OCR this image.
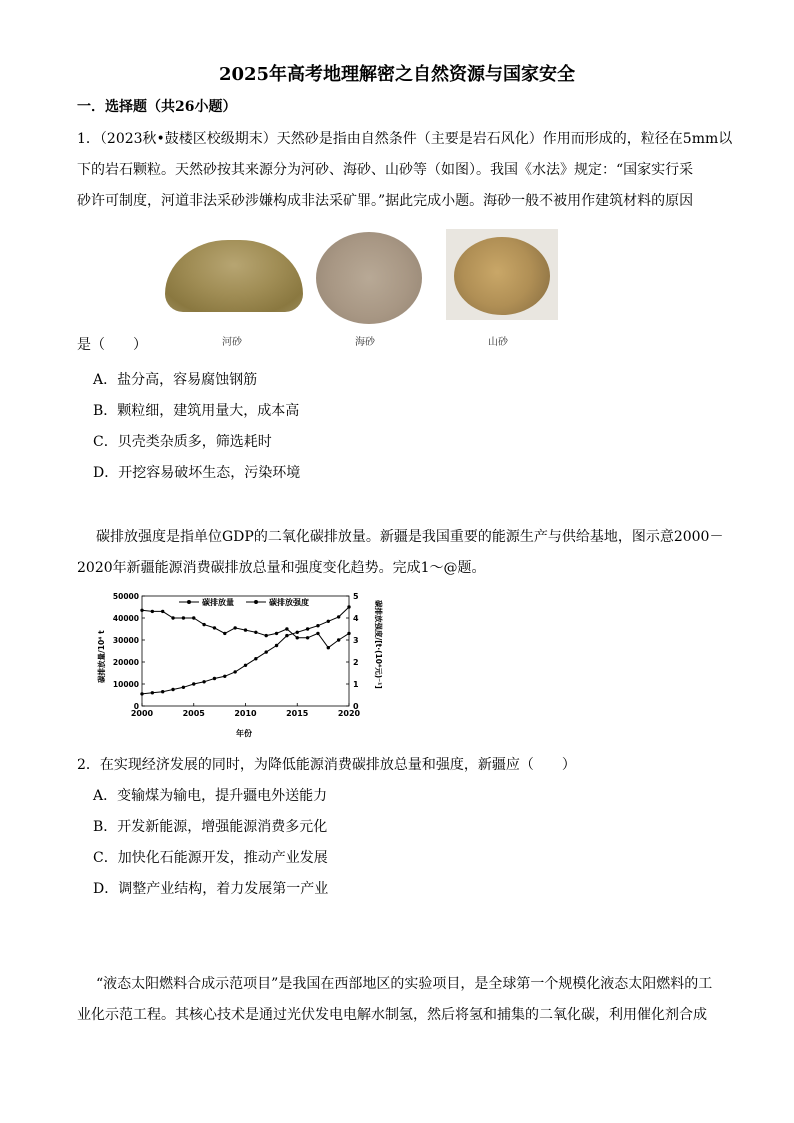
2025年高考地理解密之自然资源与国家安全
一．选择题（共26小题）
1．（2023秋•鼓楼区校级期末）天然砂是指由自然条件（主要是岩石风化）作用而形成的，粒径在5mm以
下的岩石颗粒。天然砂按其来源分为河砂、海砂、山砂等（如图）。我国《水法》规定：“国家实行采
砂许可制度，河道非法采砂涉嫌构成非法采矿罪。”据此完成小题。海砂一般不被用作建筑材料的原因
是（　　）	河砂	海砂	山砂
A．盐分高，容易腐蚀钢筋
B．颗粒细，建筑用量大，成本高
C．贝壳类杂质多，筛选耗时
D．开挖容易破坏生态，污染环境
碳排放强度是指单位GDP的二氧化碳排放量。新疆是我国重要的能源生产与供给基地，图示意2000－
2020年新疆能源消费碳排放总量和强度变化趋势。完成1～@题。
碳排放量	碳排放强度
碳排放量/10⁴ t	碳排放强度/[t·(10⁴元)⁻¹]
年份
2000	2005	2010	2015	2020
0
10000
20000
30000
40000
50000
0
1
2
3
4
5
2．在实现经济发展的同时，为降低能源消费碳排放总量和强度，新疆应（　　）
A．变输煤为输电，提升疆电外送能力
B．开发新能源，增强能源消费多元化
C．加快化石能源开发，推动产业发展
D．调整产业结构，着力发展第一产业
“液态太阳燃料合成示范项目”是我国在西部地区的实验项目，是全球第一个规模化液态太阳燃料的工
业化示范工程。其核心技术是通过光伏发电电解水制氢，然后将氢和捕集的二氧化碳，利用催化剂合成
